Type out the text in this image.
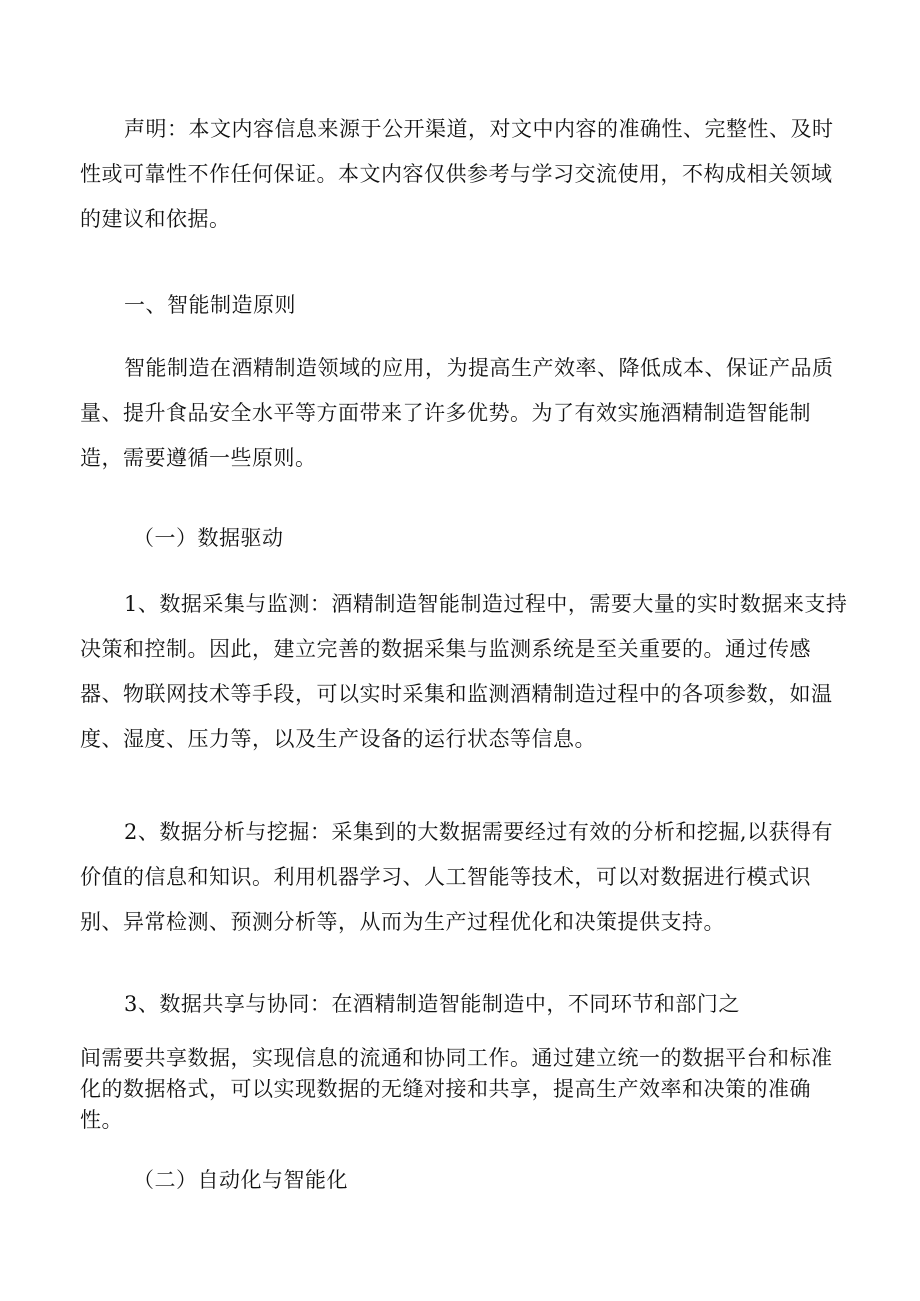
声明：本文内容信息来源于公开渠道，对文中内容的准确性、完整性、及时性或可靠性不作任何保证。本文内容仅供参考与学习交流使用，不构成相关领域的建议和依据。

一、智能制造原则

智能制造在酒精制造领域的应用，为提高生产效率、降低成本、保证产品质量、提升食品安全水平等方面带来了许多优势。为了有效实施酒精制造智能制造，需要遵循一些原则。

（一）数据驱动

1、数据采集与监测：酒精制造智能制造过程中，需要大量的实时数据来支持决策和控制。因此，建立完善的数据采集与监测系统是至关重要的。通过传感器、物联网技术等手段，可以实时采集和监测酒精制造过程中的各项参数，如温度、湿度、压力等，以及生产设备的运行状态等信息。

2、数据分析与挖掘：采集到的大数据需要经过有效的分析和挖掘,以获得有价值的信息和知识。利用机器学习、人工智能等技术，可以对数据进行模式识别、异常检测、预测分析等，从而为生产过程优化和决策提供支持。

3、数据共享与协同：在酒精制造智能制造中，不同环节和部门之

间需要共享数据，实现信息的流通和协同工作。通过建立统一的数据平台和标准化的数据格式，可以实现数据的无缝对接和共享，提高生产效率和决策的准确性。

（二）自动化与智能化
